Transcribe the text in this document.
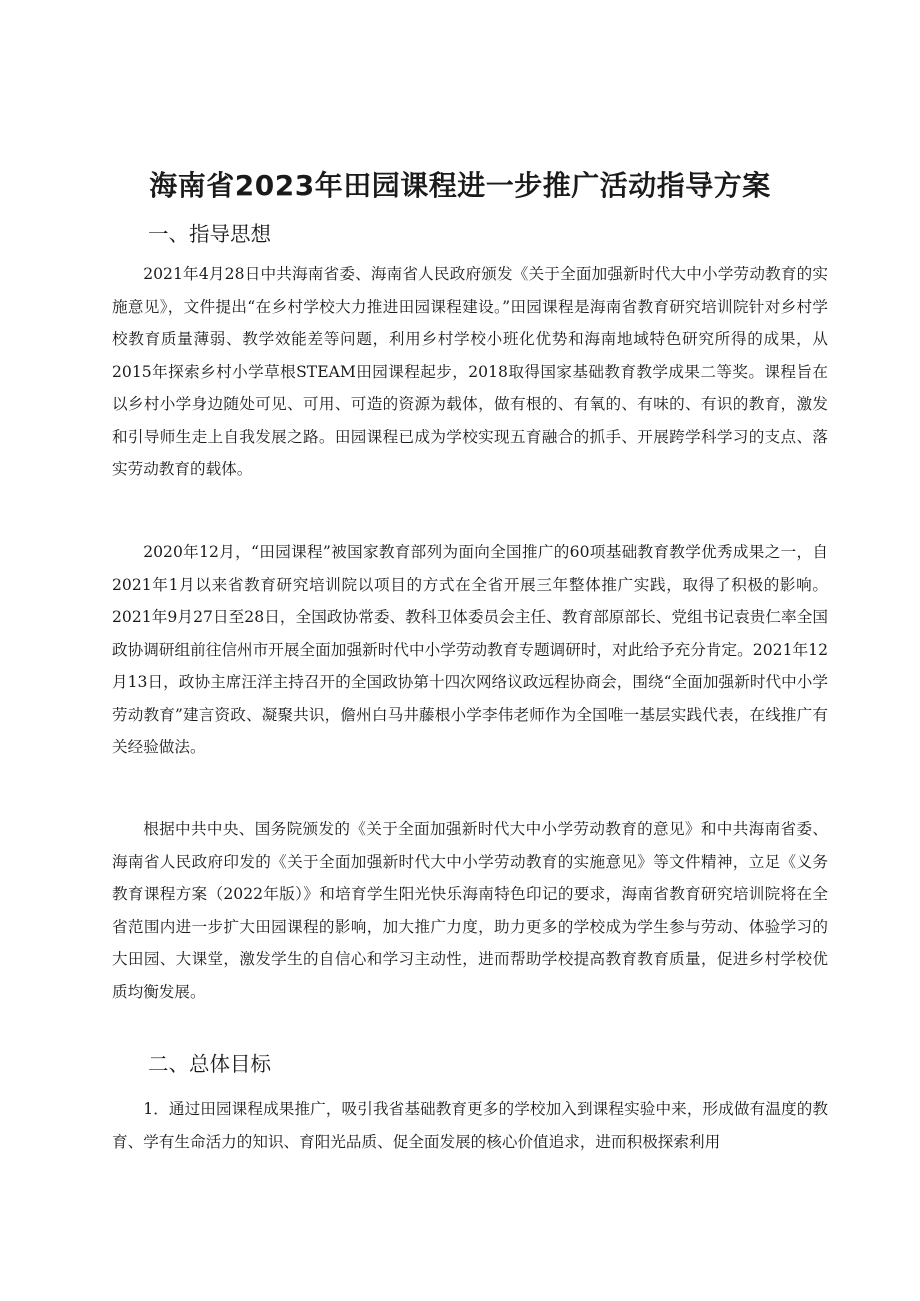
海南省2023年田园课程进一步推广活动指导方案
一、指导思想

2021年4月28日中共海南省委、海南省人民政府颁发《关于全面加强新时代大中小学劳动教育的实施意见》，文件提出“在乡村学校大力推进田园课程建设。”田园课程是海南省教育研究培训院针对乡村学校教育质量薄弱、教学效能差等问题，利用乡村学校小班化优势和海南地域特色研究所得的成果，从2015年探索乡村小学草根STEAM田园课程起步，2018取得国家基础教育教学成果二等奖。课程旨在以乡村小学身边随处可见、可用、可造的资源为载体，做有根的、有氧的、有味的、有识的教育，激发和引导师生走上自我发展之路。田园课程已成为学校实现五育融合的抓手、开展跨学科学习的支点、落实劳动教育的载体。

2020年12月，“田园课程”被国家教育部列为面向全国推广的60项基础教育教学优秀成果之一，自2021年1月以来省教育研究培训院以项目的方式在全省开展三年整体推广实践，取得了积极的影响。2021年9月27日至28日，全国政协常委、教科卫体委员会主任、教育部原部长、党组书记袁贵仁率全国政协调研组前往信州市开展全面加强新时代中小学劳动教育专题调研时，对此给予充分肯定。2021年12月13日，政协主席汪洋主持召开的全国政协第十四次网络议政远程协商会，围绕“全面加强新时代中小学劳动教育”建言资政、凝聚共识，儋州白马井藤根小学李伟老师作为全国唯一基层实践代表，在线推广有关经验做法。

根据中共中央、国务院颁发的《关于全面加强新时代大中小学劳动教育的意见》和中共海南省委、海南省人民政府印发的《关于全面加强新时代大中小学劳动教育的实施意见》等文件精神，立足《义务教育课程方案（2022年版）》和培育学生阳光快乐海南特色印记的要求，海南省教育研究培训院将在全省范围内进一步扩大田园课程的影响，加大推广力度，助力更多的学校成为学生参与劳动、体验学习的大田园、大课堂，激发学生的自信心和学习主动性，进而帮助学校提高教育教育质量，促进乡村学校优质均衡发展。

二、总体目标

1．通过田园课程成果推广，吸引我省基础教育更多的学校加入到课程实验中来，形成做有温度的教育、学有生命活力的知识、育阳光品质、促全面发展的核心价值追求，进而积极探索利用
